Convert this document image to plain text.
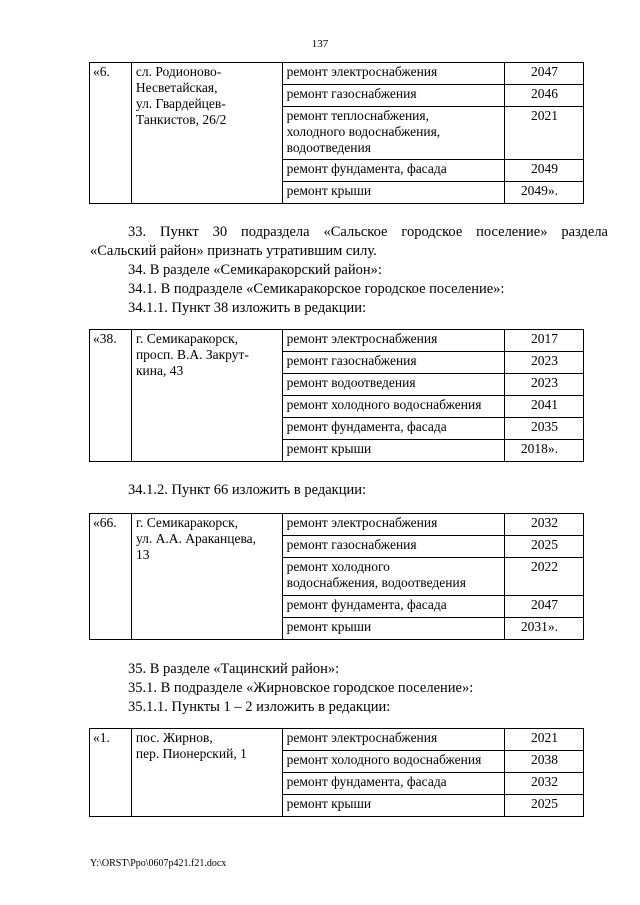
137
«6.	сл. Родионово-
Несветайская,
ул. Гвардейцев-
Танкистов, 26/2	ремонт электроснабжения	2047
		ремонт газоснабжения	2046

		ремонт теплоснабжения,
холодного водоснабжения,
водоотведения	2021
		ремонт фундамента, фасада	2049
		ремонт крыши	2049».
33. Пункт 30 подраздела «Сальское городское поселение» раздела
«Сальский район» признать утратившим силу.
34. В разделе «Семикаракорский район»:
34.1. В подразделе «Семикаракорское городское поселение»:
34.1.1. Пункт 38 изложить в редакции:
«38.	г. Семикаракорск,
просп. В.А. Закрут-
кина, 43	ремонт электроснабжения	2017
		ремонт газоснабжения	2023
		ремонт водоотведения	2023
		ремонт холодного водоснабжения	2041
		ремонт фундамента, фасада	2035
		ремонт крыши	2018».
34.1.2. Пункт 66 изложить в редакции:
«66.	г. Семикаракорск,
ул. А.А. Араканцева,
13	ремонт электроснабжения	2032
		ремонт газоснабжения	2025

		ремонт холодного
водоснабжения, водоотведения	2022
		ремонт фундамента, фасада	2047
		ремонт крыши	2031».
35. В разделе «Тацинский район»:
35.1. В подразделе «Жирновское городское поселение»:
35.1.1. Пункты 1 – 2 изложить в редакции:
«1.	пос. Жирнов,
пер. Пионерский, 1	ремонт электроснабжения	2021
		ремонт холодного водоснабжения	2038
		ремонт фундамента, фасада	2032
		ремонт крыши	2025
Y:\ORST\Ppo\0607p421.f21.docx
